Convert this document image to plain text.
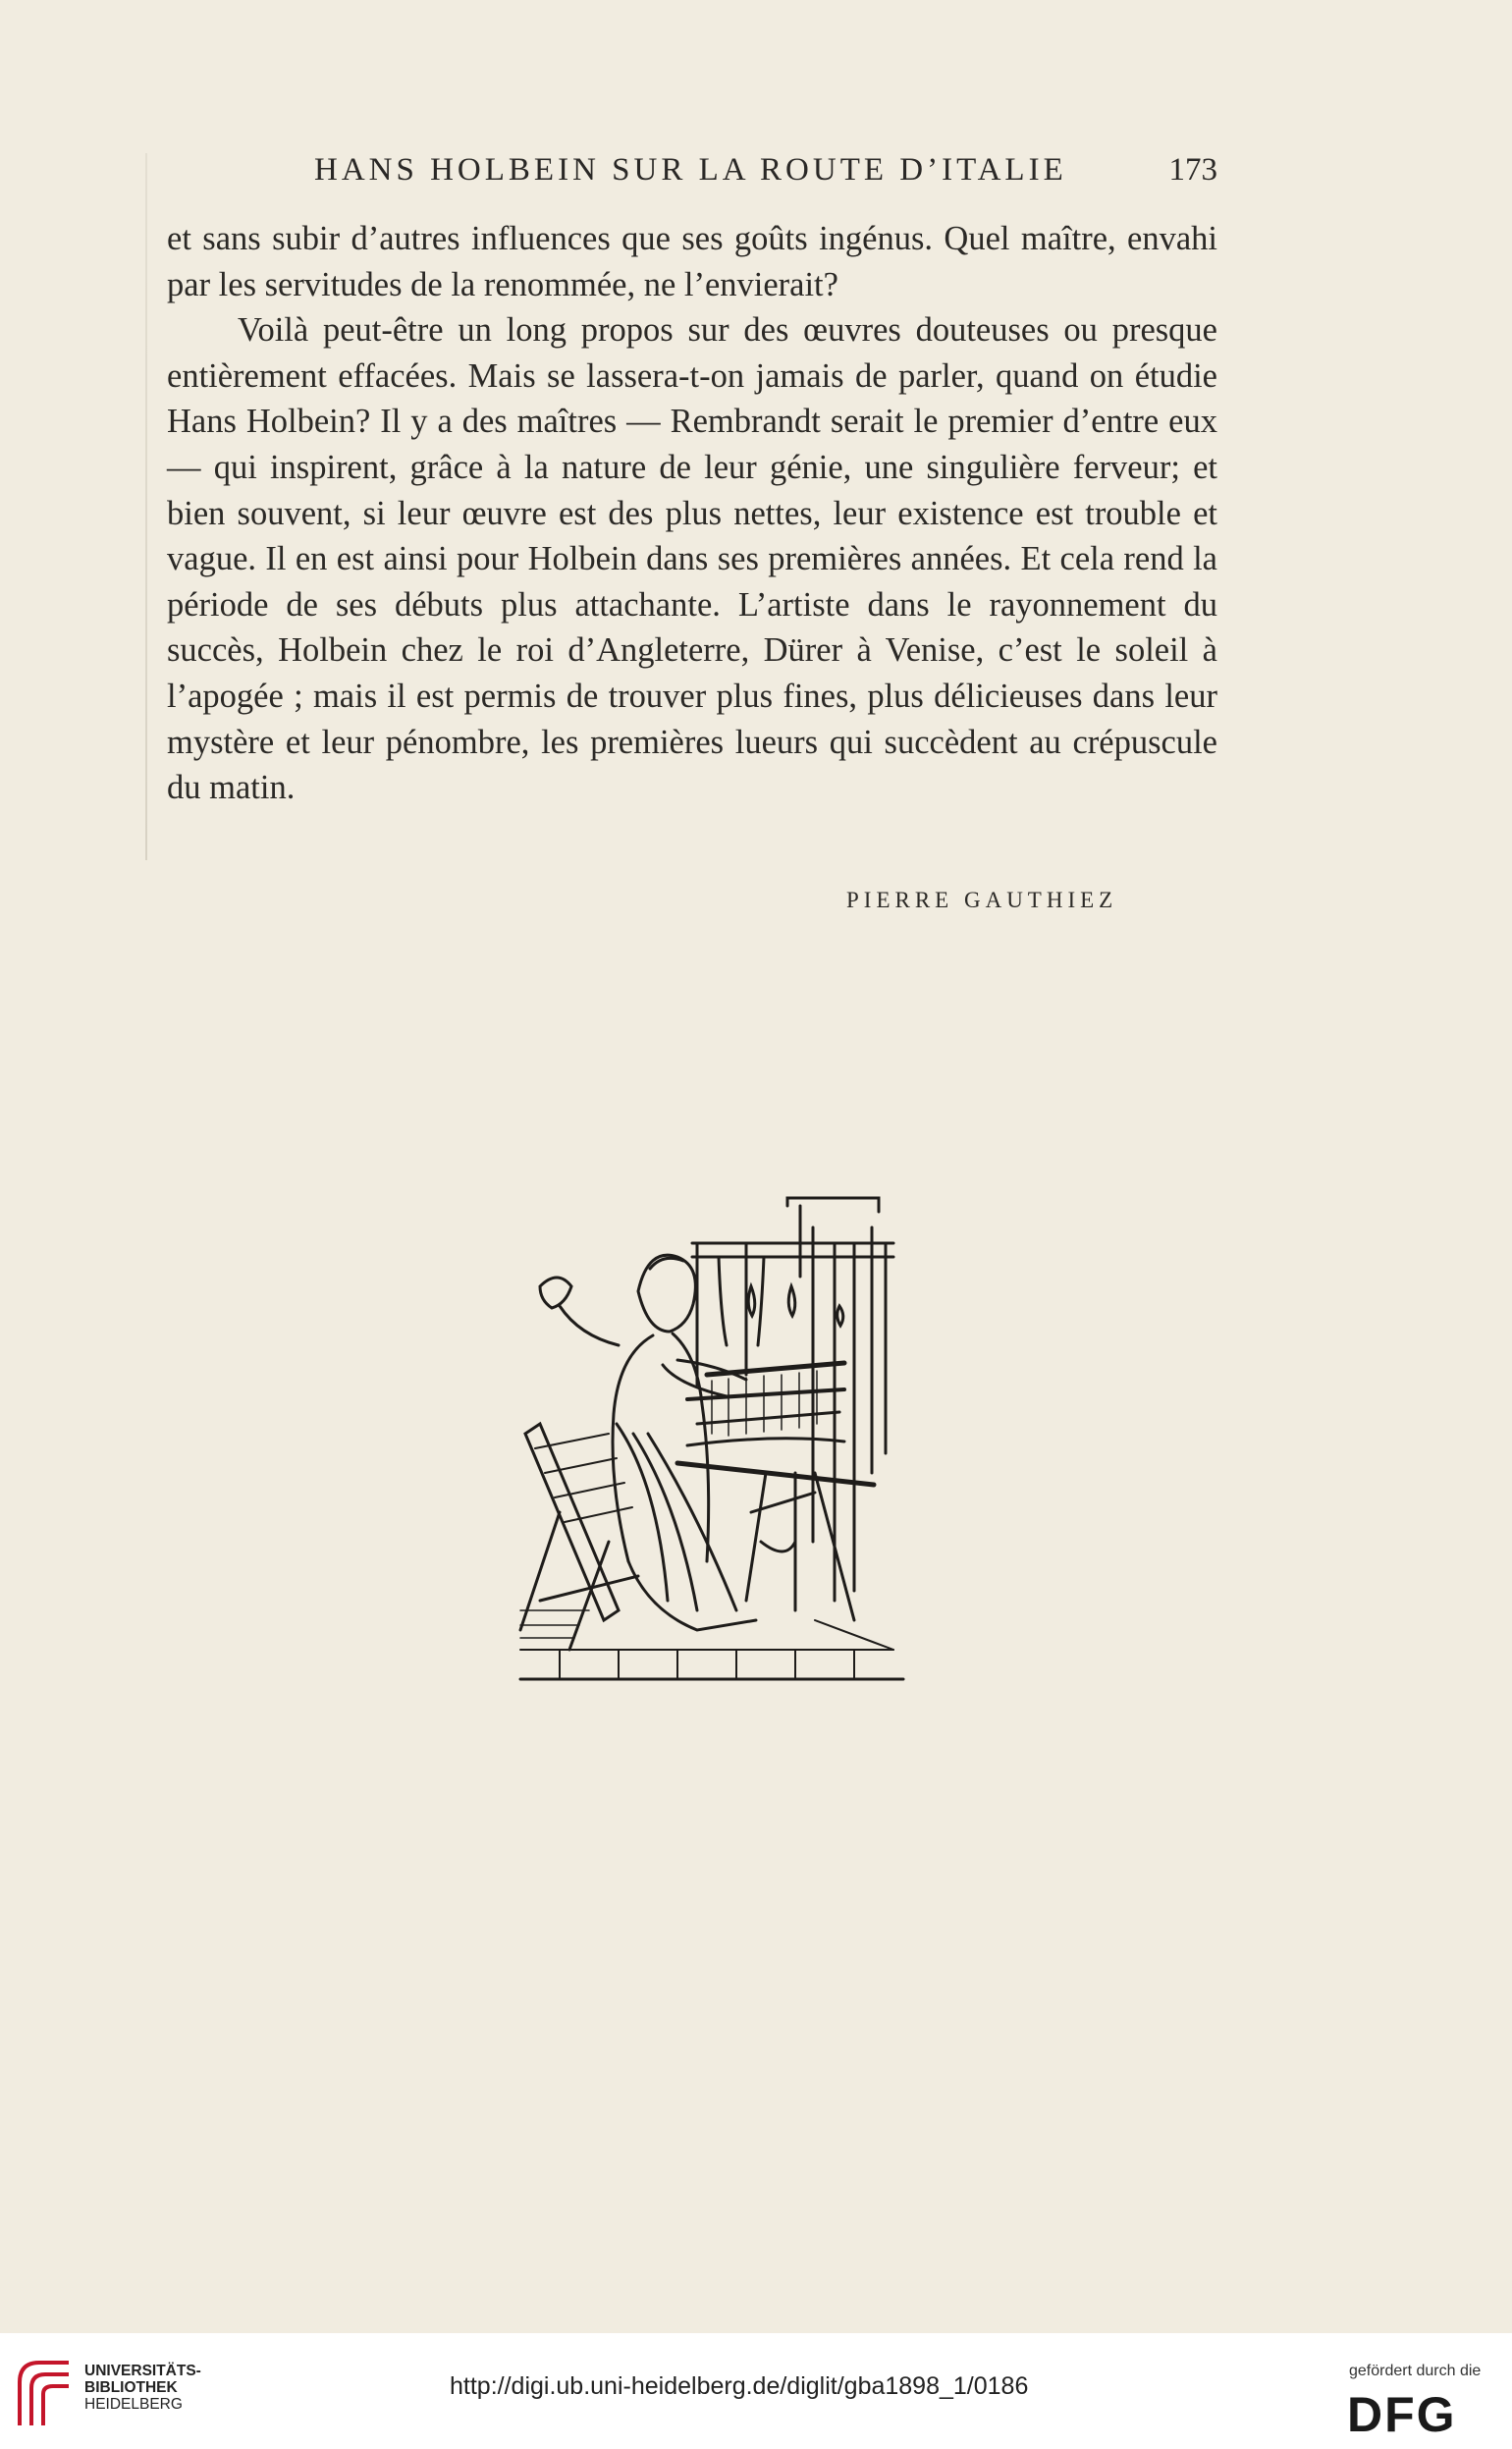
HANS HOLBEIN SUR LA ROUTE D’ITALIE	173

et sans subir d’autres influences que ses goûts ingénus. Quel maître, envahi par les servitudes de la renommée, ne l’envierait?

Voilà peut-être un long propos sur des œuvres douteuses ou presque entièrement effacées. Mais se lassera-t-on jamais de parler, quand on étudie Hans Holbein? Il y a des maîtres — Rembrandt serait le premier d’entre eux — qui inspirent, grâce à la nature de leur génie, une singulière ferveur; et bien souvent, si leur œuvre est des plus nettes, leur existence est trouble et vague. Il en est ainsi pour Holbein dans ses premières années. Et cela rend la période de ses débuts plus attachante. L’artiste dans le rayonnement du succès, Holbein chez le roi d’Angleterre, Dürer à Venise, c’est le soleil à l’apogée ; mais il est permis de trouver plus fines, plus délicieuses dans leur mystère et leur pénombre, les premières lueurs qui succèdent au crépuscule du matin.

PIERRE GAUTHIEZ
UNIVERSITÄTS-
BIBLIOTHEK
HEIDELBERG
http://digi.ub.uni-heidelberg.de/diglit/gba1898_1/0186
gefördert durch die
DFG
